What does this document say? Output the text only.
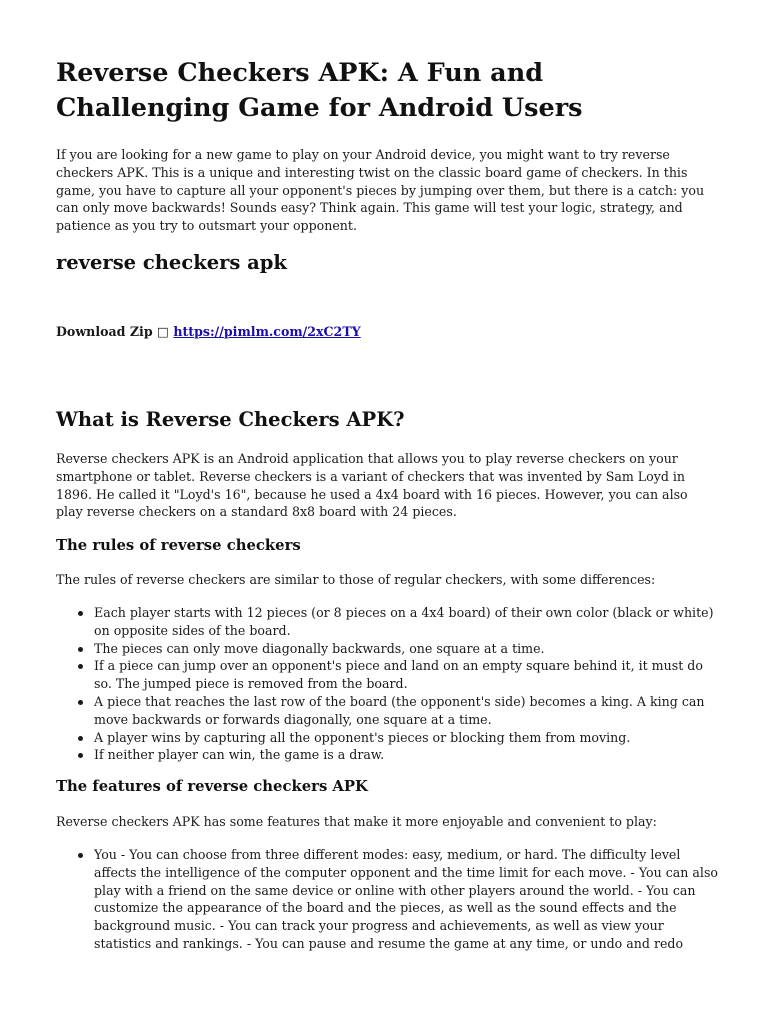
Reverse Checkers APK: A Fun and Challenging Game for Android Users

If you are looking for a new game to play on your Android device, you might want to try reverse checkers APK. This is a unique and interesting twist on the classic board game of checkers. In this game, you have to capture all your opponent's pieces by jumping over them, but there is a catch: you can only move backwards! Sounds easy? Think again. This game will test your logic, strategy, and patience as you try to outsmart your opponent.

reverse checkers apk
Download Zip □ https://pimlm.com/2xC2TY
What is Reverse Checkers APK?

Reverse checkers APK is an Android application that allows you to play reverse checkers on your smartphone or tablet. Reverse checkers is a variant of checkers that was invented by Sam Loyd in 1896. He called it "Loyd's 16", because he used a 4x4 board with 16 pieces. However, you can also play reverse checkers on a standard 8x8 board with 24 pieces.

The rules of reverse checkers

The rules of reverse checkers are similar to those of regular checkers, with some differences:

Each player starts with 12 pieces (or 8 pieces on a 4x4 board) of their own color (black or white) on opposite sides of the board.
The pieces can only move diagonally backwards, one square at a time.
If a piece can jump over an opponent's piece and land on an empty square behind it, it must do so. The jumped piece is removed from the board.
A piece that reaches the last row of the board (the opponent's side) becomes a king. A king can move backwards or forwards diagonally, one square at a time.
A player wins by capturing all the opponent's pieces or blocking them from moving.
If neither player can win, the game is a draw.
The features of reverse checkers APK

Reverse checkers APK has some features that make it more enjoyable and convenient to play:

You - You can choose from three different modes: easy, medium, or hard. The difficulty level affects the intelligence of the computer opponent and the time limit for each move. - You can also play with a friend on the same device or online with other players around the world. - You can customize the appearance of the board and the pieces, as well as the sound effects and the background music. - You can track your progress and achievements, as well as view your statistics and rankings. - You can pause and resume the game at any time, or undo and redo
